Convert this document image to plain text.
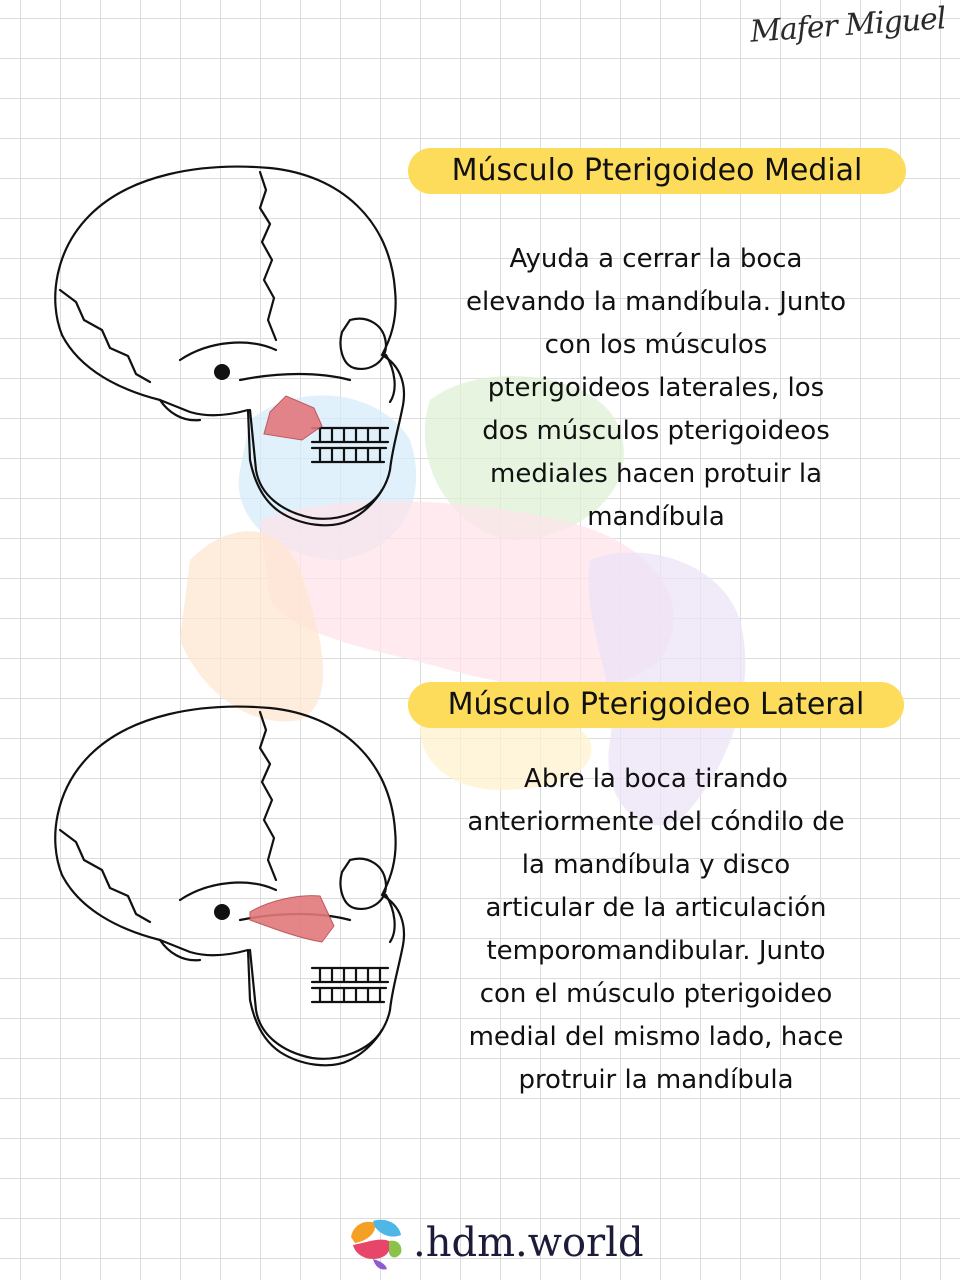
Mafer Miguel
Músculo Pterigoideo Medial
Ayuda a cerrar la boca
elevando la mandíbula. Junto
con los músculos
pterigoideos laterales, los
dos músculos pterigoideos
mediales hacen protuir la
mandíbula
Músculo Pterigoideo Lateral
Abre la boca tirando
anteriormente del cóndilo de
la mandíbula y disco
articular de la articulación
temporomandibular. Junto
con el músculo pterigoideo
medial del mismo lado, hace
protruir la mandíbula
.hdm.world
